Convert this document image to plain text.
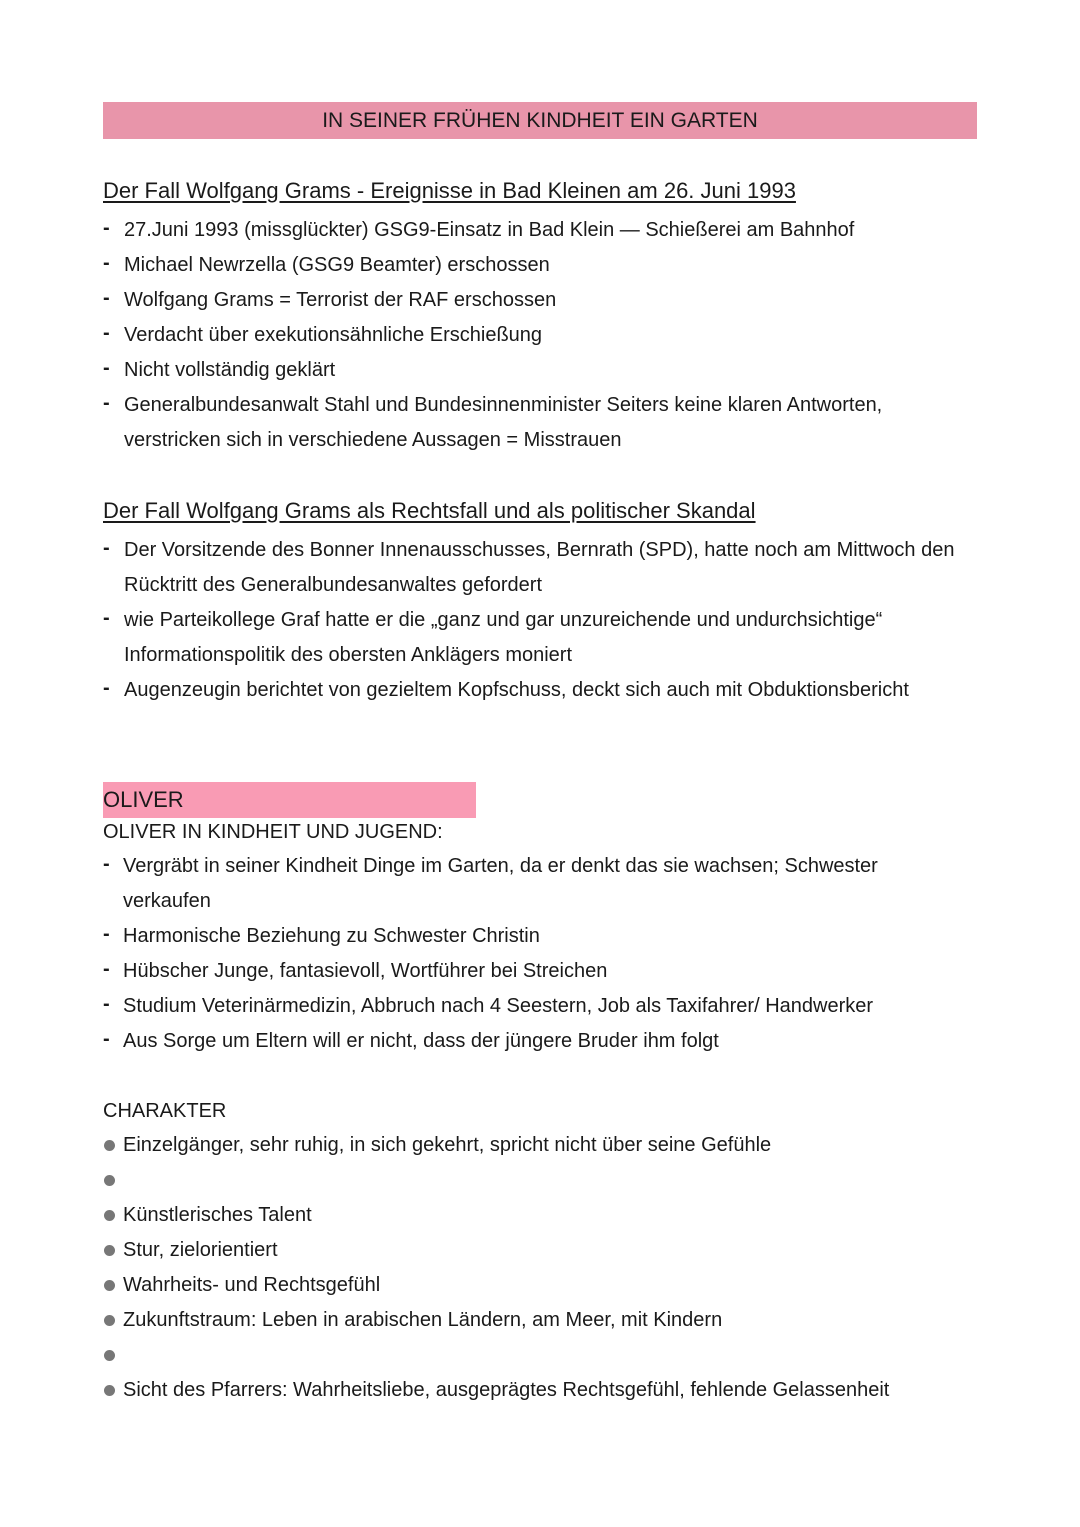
IN SEINER FRÜHEN KINDHEIT EIN GARTEN
Der Fall Wolfgang Grams - Ereignisse in Bad Kleinen am 26. Juni 1993
- 27.Juni 1993 (missglückter) GSG9-Einsatz in Bad Klein — Schießerei am Bahnhof
- Michael Newrzella (GSG9 Beamter) erschossen
- Wolfgang Grams = Terrorist der RAF erschossen
- Verdacht über exekutionsähnliche Erschießung
- Nicht vollständig geklärt
- Generalbundesanwalt Stahl und Bundesinnenminister Seiters keine klaren Antworten, verstricken sich in verschiedene Aussagen = Misstrauen
Der Fall Wolfgang Grams als Rechtsfall und als politischer Skandal
- Der Vorsitzende des Bonner Innenausschusses, Bernrath (SPD), hatte noch am Mittwoch den Rücktritt des Generalbundesanwaltes gefordert
- wie Parteikollege Graf hatte er die „ganz und gar unzureichende und undurchsichtige“ Informationspolitik des obersten Anklägers moniert
- Augenzeugin berichtet von gezieltem Kopfschuss, deckt sich auch mit Obduktionsbericht
OLIVER
OLIVER IN KINDHEIT UND JUGEND:
- Vergräbt in seiner Kindheit Dinge im Garten, da er denkt das sie wachsen; Schwester verkaufen
- Harmonische Beziehung zu Schwester Christin
- Hübscher Junge, fantasievoll, Wortführer bei Streichen
- Studium Veterinärmedizin, Abbruch nach 4 Seestern, Job als Taxifahrer/ Handwerker
- Aus Sorge um Eltern will er nicht, dass der jüngere Bruder ihm folgt
CHARAKTER
Einzelgänger, sehr ruhig, in sich gekehrt, spricht nicht über seine Gefühle
Künstlerisches Talent
Stur, zielorientiert
Wahrheits- und Rechtsgefühl
Zukunftstraum: Leben in arabischen Ländern, am Meer, mit Kindern
Sicht des Pfarrers: Wahrheitsliebe, ausgeprägtes Rechtsgefühl, fehlende Gelassenheit
